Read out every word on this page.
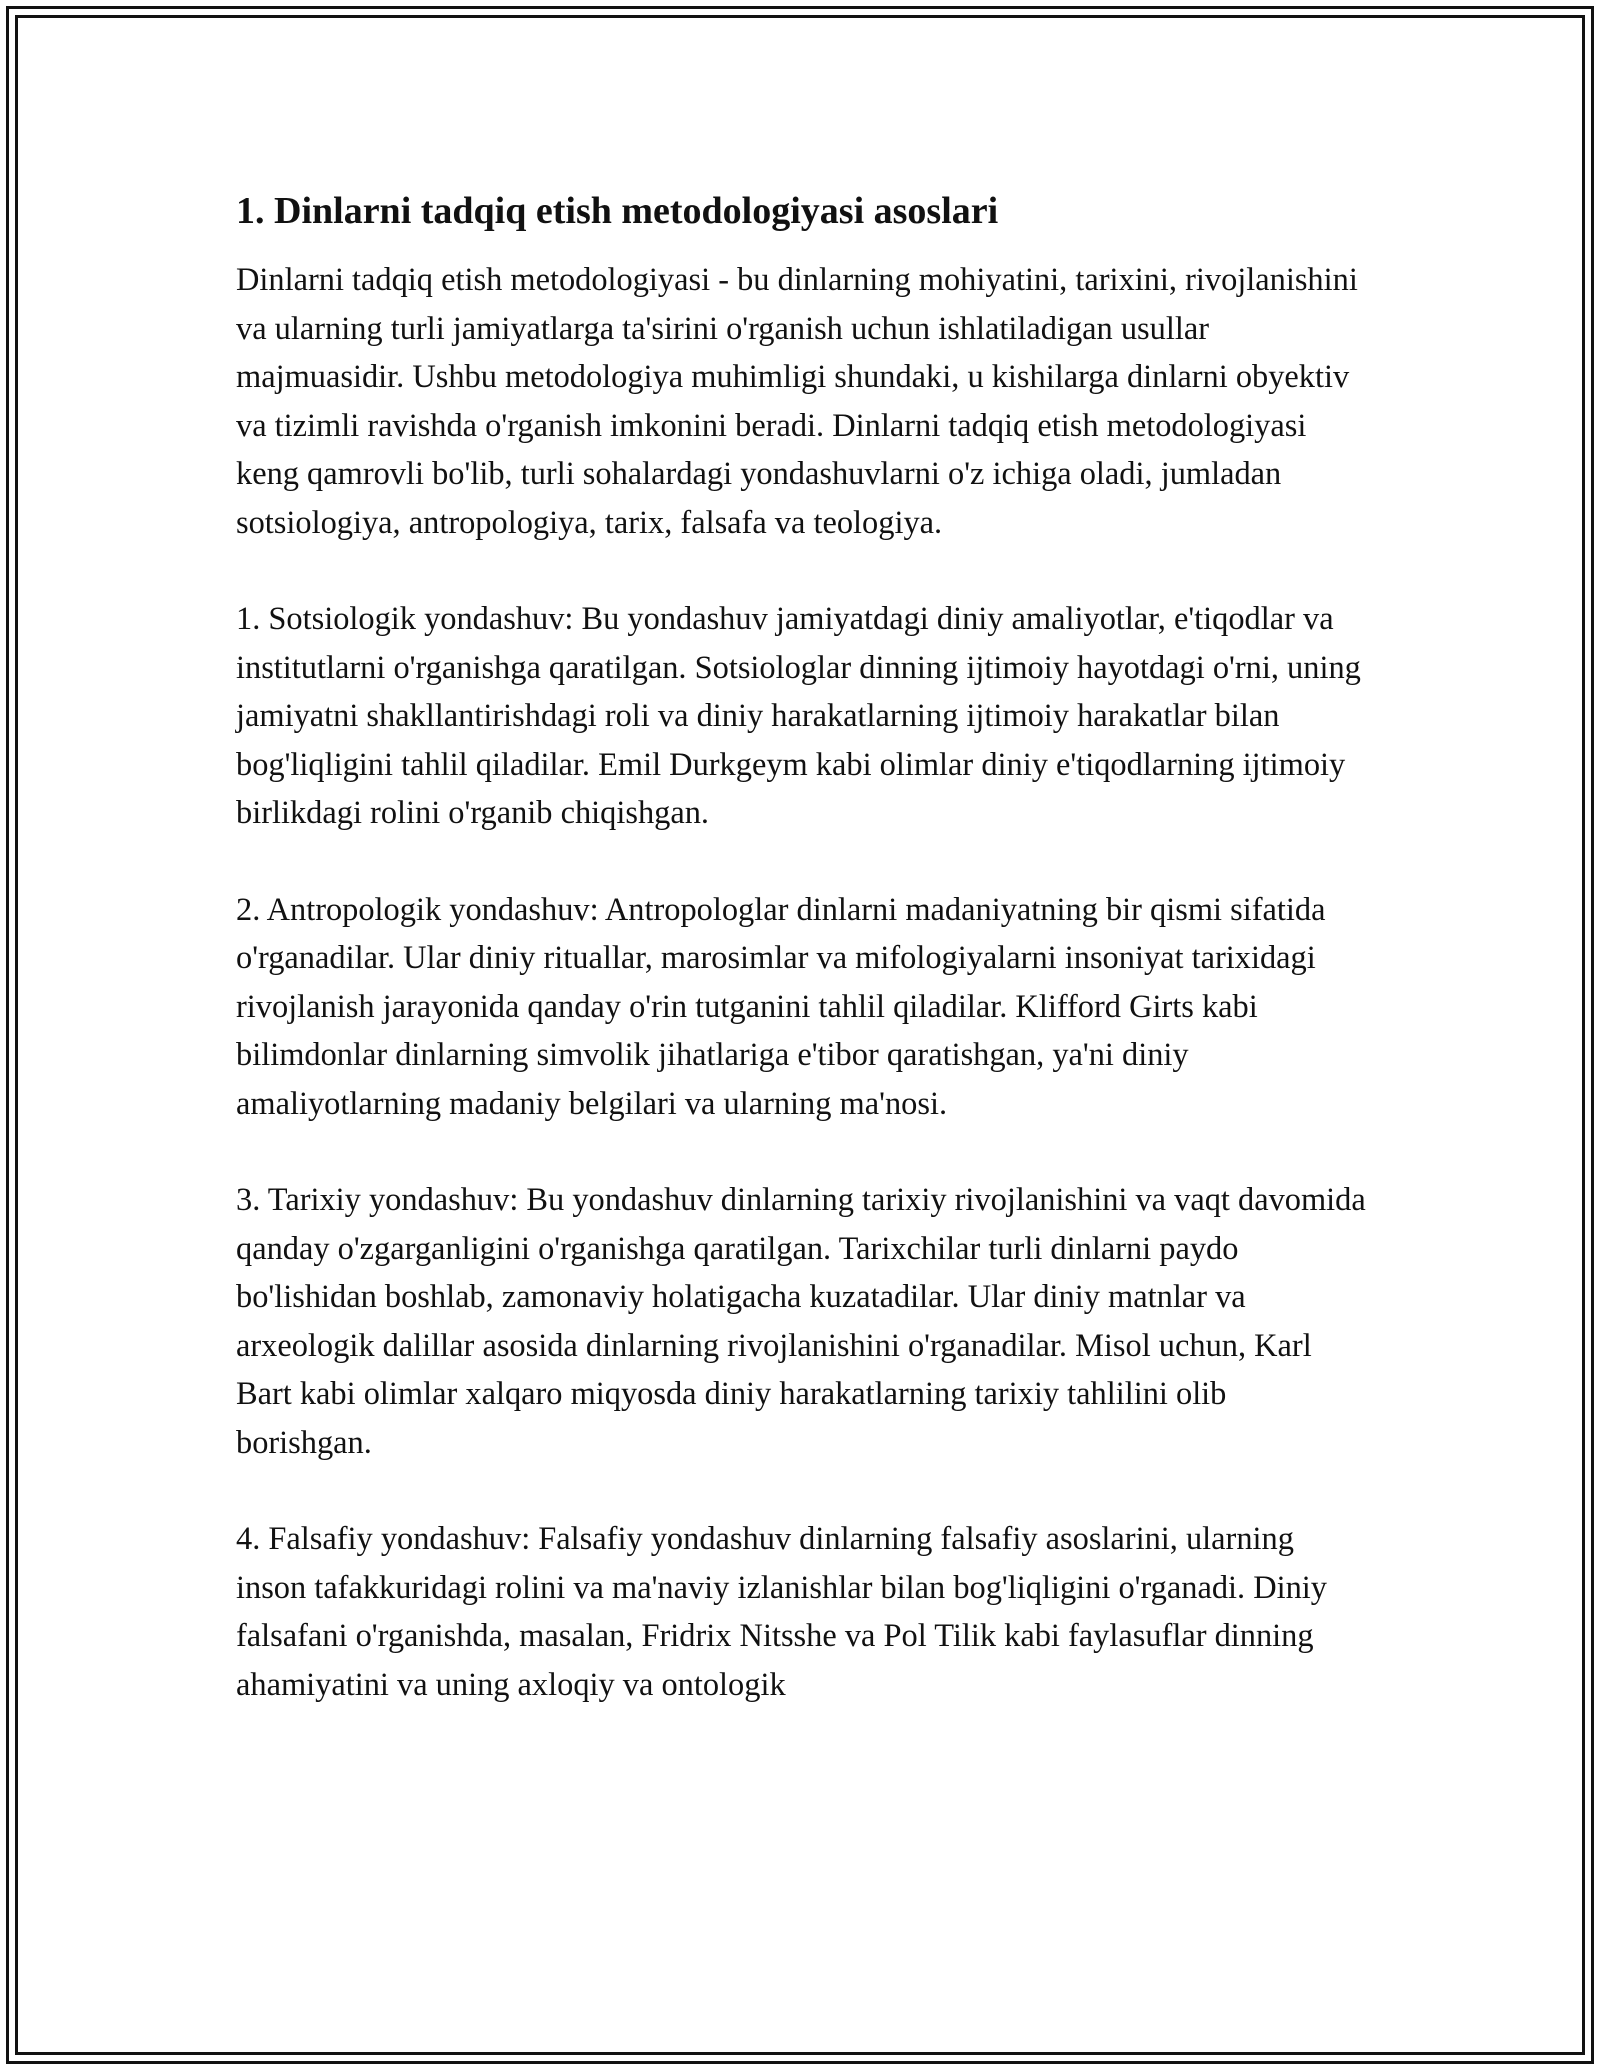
1. Dinlarni tadqiq etish metodologiyasi asoslari

Dinlarni tadqiq etish metodologiyasi - bu dinlarning mohiyatini, tarixini, rivojlanishini va ularning turli jamiyatlarga ta'sirini o'rganish uchun ishlatiladigan usullar majmuasidir. Ushbu metodologiya muhimligi shundaki, u kishilarga dinlarni obyektiv va tizimli ravishda o'rganish imkonini beradi. Dinlarni tadqiq etish metodologiyasi keng qamrovli bo'lib, turli sohalardagi yondashuvlarni o'z ichiga oladi, jumladan sotsiologiya, antropologiya, tarix, falsafa va teologiya.

1. Sotsiologik yondashuv: Bu yondashuv jamiyatdagi diniy amaliyotlar, e'tiqodlar va institutlarni o'rganishga qaratilgan. Sotsiologlar dinning ijtimoiy hayotdagi o'rni, uning jamiyatni shakllantirishdagi roli va diniy harakatlarning ijtimoiy harakatlar bilan bog'liqligini tahlil qiladilar. Emil Durkgeym kabi olimlar diniy e'tiqodlarning ijtimoiy birlikdagi rolini o'rganib chiqishgan.

2. Antropologik yondashuv: Antropologlar dinlarni madaniyatning bir qismi sifatida o'rganadilar. Ular diniy rituallar, marosimlar va mifologiyalarni insoniyat tarixidagi rivojlanish jarayonida qanday o'rin tutganini tahlil qiladilar. Klifford Girts kabi bilimdonlar dinlarning simvolik jihatlariga e'tibor qaratishgan, ya'ni diniy amaliyotlarning madaniy belgilari va ularning ma'nosi.

3. Tarixiy yondashuv: Bu yondashuv dinlarning tarixiy rivojlanishini va vaqt davomida qanday o'zgarganligini o'rganishga qaratilgan. Tarixchilar turli dinlarni paydo bo'lishidan boshlab, zamonaviy holatigacha kuzatadilar. Ular diniy matnlar va arxeologik dalillar asosida dinlarning rivojlanishini o'rganadilar. Misol uchun, Karl Bart kabi olimlar xalqaro miqyosda diniy harakatlarning tarixiy tahlilini olib borishgan.

4. Falsafiy yondashuv: Falsafiy yondashuv dinlarning falsafiy asoslarini, ularning inson tafakkuridagi rolini va ma'naviy izlanishlar bilan bog'liqligini o'rganadi. Diniy falsafani o'rganishda, masalan, Fridrix Nitsshe va Pol Tilik kabi faylasuflar dinning ahamiyatini va uning axloqiy va ontologik
